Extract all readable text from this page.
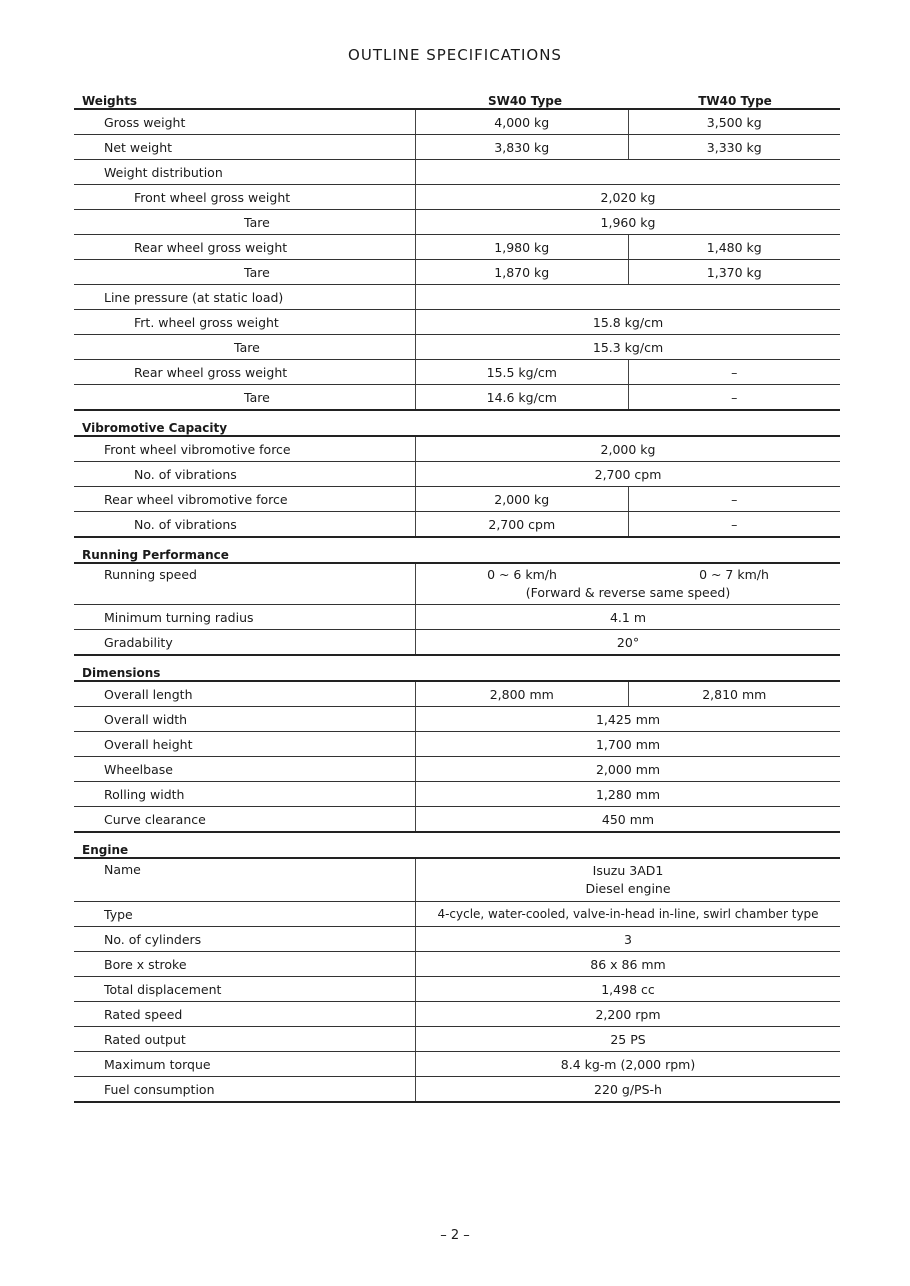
OUTLINE SPECIFICATIONS
Weights	SW40 Type	TW40 Type
Gross weight	4,000 kg	3,500 kg
Net weight	3,830 kg	3,330 kg
Weight distribution
Front wheel gross weight	2,020 kg
Tare	1,960 kg
Rear wheel gross weight	1,980 kg	1,480 kg
Tare	1,870 kg	1,370 kg
Line pressure (at static load)
Frt. wheel gross weight	15.8 kg/cm
Tare	15.3 kg/cm
Rear wheel gross weight	15.5 kg/cm	–
Tare	14.6 kg/cm	–
Vibromotive Capacity
Front wheel vibromotive force	2,000 kg
No. of vibrations	2,700 cpm
Rear wheel vibromotive force	2,000 kg	–
No. of vibrations	2,700 cpm	–
Running Performance
Running speed	0 ~ 6 km/h	0 ~ 7 km/h
(Forward & reverse same speed)
Minimum turning radius	4.1 m
Gradability	20°
Dimensions
Overall length	2,800 mm	2,810 mm
Overall width	1,425 mm
Overall height	1,700 mm
Wheelbase	2,000 mm
Rolling width	1,280 mm
Curve clearance	450 mm
Engine
Name	Isuzu 3AD1
Diesel engine
Type	4-cycle, water-cooled, valve-in-head in-line, swirl chamber type
No. of cylinders	3
Bore x stroke	86 x 86 mm
Total displacement	1,498 cc
Rated speed	2,200 rpm
Rated output	25 PS
Maximum torque	8.4 kg-m (2,000 rpm)
Fuel consumption	220 g/PS-h
– 2 –
